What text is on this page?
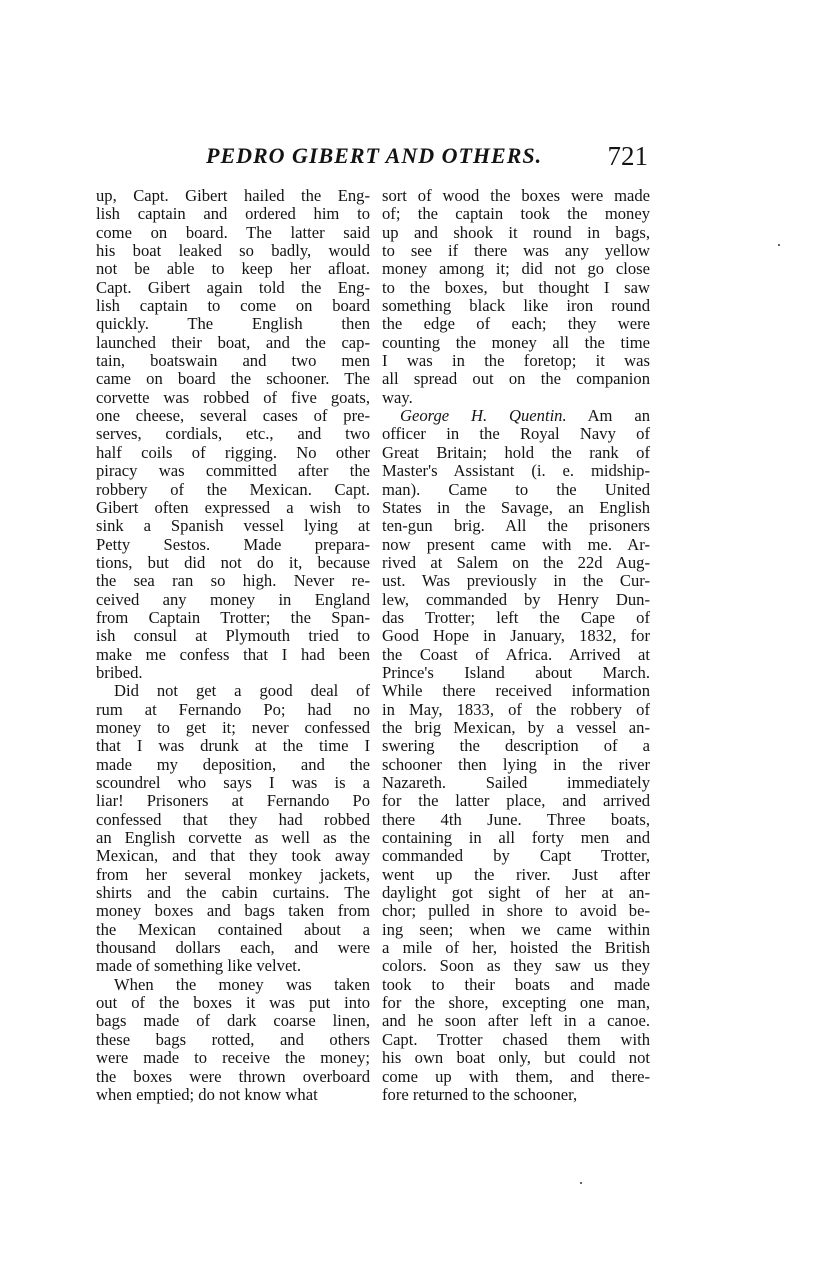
PEDRO GIBERT AND OTHERS. 721
up, Capt. Gibert hailed the Eng-
lish captain and ordered him to
come on board. The latter said
his boat leaked so badly, would
not be able to keep her afloat.
Capt. Gibert again told the Eng-
lish captain to come on board
quickly. The English then
launched their boat, and the cap-
tain, boatswain and two men
came on board the schooner. The
corvette was robbed of five goats,
one cheese, several cases of pre-
serves, cordials, etc., and two
half coils of rigging. No other
piracy was committed after the
robbery of the Mexican. Capt.
Gibert often expressed a wish to
sink a Spanish vessel lying at
Petty Sestos. Made prepara-
tions, but did not do it, because
the sea ran so high. Never re-
ceived any money in England
from Captain Trotter; the Span-
ish consul at Plymouth tried to
make me confess that I had been
bribed.
Did not get a good deal of
rum at Fernando Po; had no
money to get it; never confessed
that I was drunk at the time I
made my deposition, and the
scoundrel who says I was is a
liar! Prisoners at Fernando Po
confessed that they had robbed
an English corvette as well as the
Mexican, and that they took away
from her several monkey jackets,
shirts and the cabin curtains. The
money boxes and bags taken from
the Mexican contained about a
thousand dollars each, and were
made of something like velvet.
When the money was taken
out of the boxes it was put into
bags made of dark coarse linen,
these bags rotted, and others
were made to receive the money;
the boxes were thrown overboard
when emptied; do not know what
sort of wood the boxes were made
of; the captain took the money
up and shook it round in bags,
to see if there was any yellow
money among it; did not go close
to the boxes, but thought I saw
something black like iron round
the edge of each; they were
counting the money all the time
I was in the foretop; it was
all spread out on the companion
way.
George H. Quentin. Am an
officer in the Royal Navy of
Great Britain; hold the rank of
Master's Assistant (i. e. midship-
man). Came to the United
States in the Savage, an English
ten-gun brig. All the prisoners
now present came with me. Ar-
rived at Salem on the 22d Aug-
ust. Was previously in the Cur-
lew, commanded by Henry Dun-
das Trotter; left the Cape of
Good Hope in January, 1832, for
the Coast of Africa. Arrived at
Prince's Island about March.
While there received information
in May, 1833, of the robbery of
the brig Mexican, by a vessel an-
swering the description of a
schooner then lying in the river
Nazareth. Sailed immediately
for the latter place, and arrived
there 4th June. Three boats,
containing in all forty men and
commanded by Capt Trotter,
went up the river. Just after
daylight got sight of her at an-
chor; pulled in shore to avoid be-
ing seen; when we came within
a mile of her, hoisted the British
colors. Soon as they saw us they
took to their boats and made
for the shore, excepting one man,
and he soon after left in a canoe.
Capt. Trotter chased them with
his own boat only, but could not
come up with them, and there-
fore returned to the schooner,
